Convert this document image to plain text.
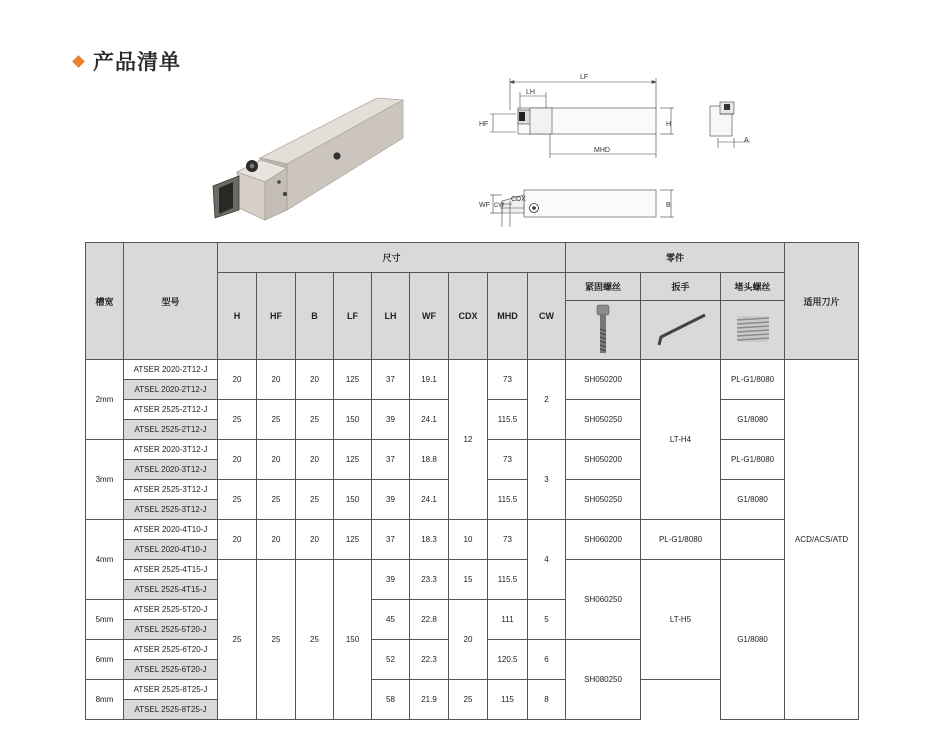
产品清单
LF
LH
HF	H
MHD
WF
CDX
CW	B
A
槽宽	型号	尺寸									零件			适用刀片	
		H	HF	B	LF	LH	WF	CDX	MHD	CW	紧固螺丝	扳手	堵头螺丝		

2mm	ATSER 2020-2T12-J	20	20	20	125	37	19.1	12	73	2	SH050200	LT-H4	PL-G1/8080	ACD/ACS/ATD	
	ATSEL 2020-2T12-J														
	ATSER 2525-2T12-J	25	25	25	150	39	24.1		115.5		SH050250		G1/8080		
	ATSEL 2525-2T12-J														
3mm	ATSER 2020-3T12-J	20	20	20	125	37	18.8		73	3	SH050200		PL-G1/8080		
	ATSEL 2020-3T12-J														
	ATSER 2525-3T12-J	25	25	25	150	39	24.1		115.5		SH050250		G1/8080		
	ATSEL 2525-3T12-J														
4mm	ATSER 2020-4T10-J	20	20	20	125	37	18.3	10	73	4	SH060200	PL-G1/8080			
	ATSEL 2020-4T10-J														
	ATSER 2525-4T15-J	25	25	25	150	39	23.3	15	115.5		SH060250	LT-H5	G1/8080		
	ATSEL 2525-4T15-J														
5mm	ATSER 2525-5T20-J					45	22.8	20	111	5					
	ATSEL 2525-5T20-J														
6mm	ATSER 2525-6T20-J					52	22.3		120.5	6	SH080250				
	ATSEL 2525-6T20-J	
8mm	ATSER 2525-8T25-J					58	21.9	25	115	8					
	ATSEL 2525-8T25-J														
